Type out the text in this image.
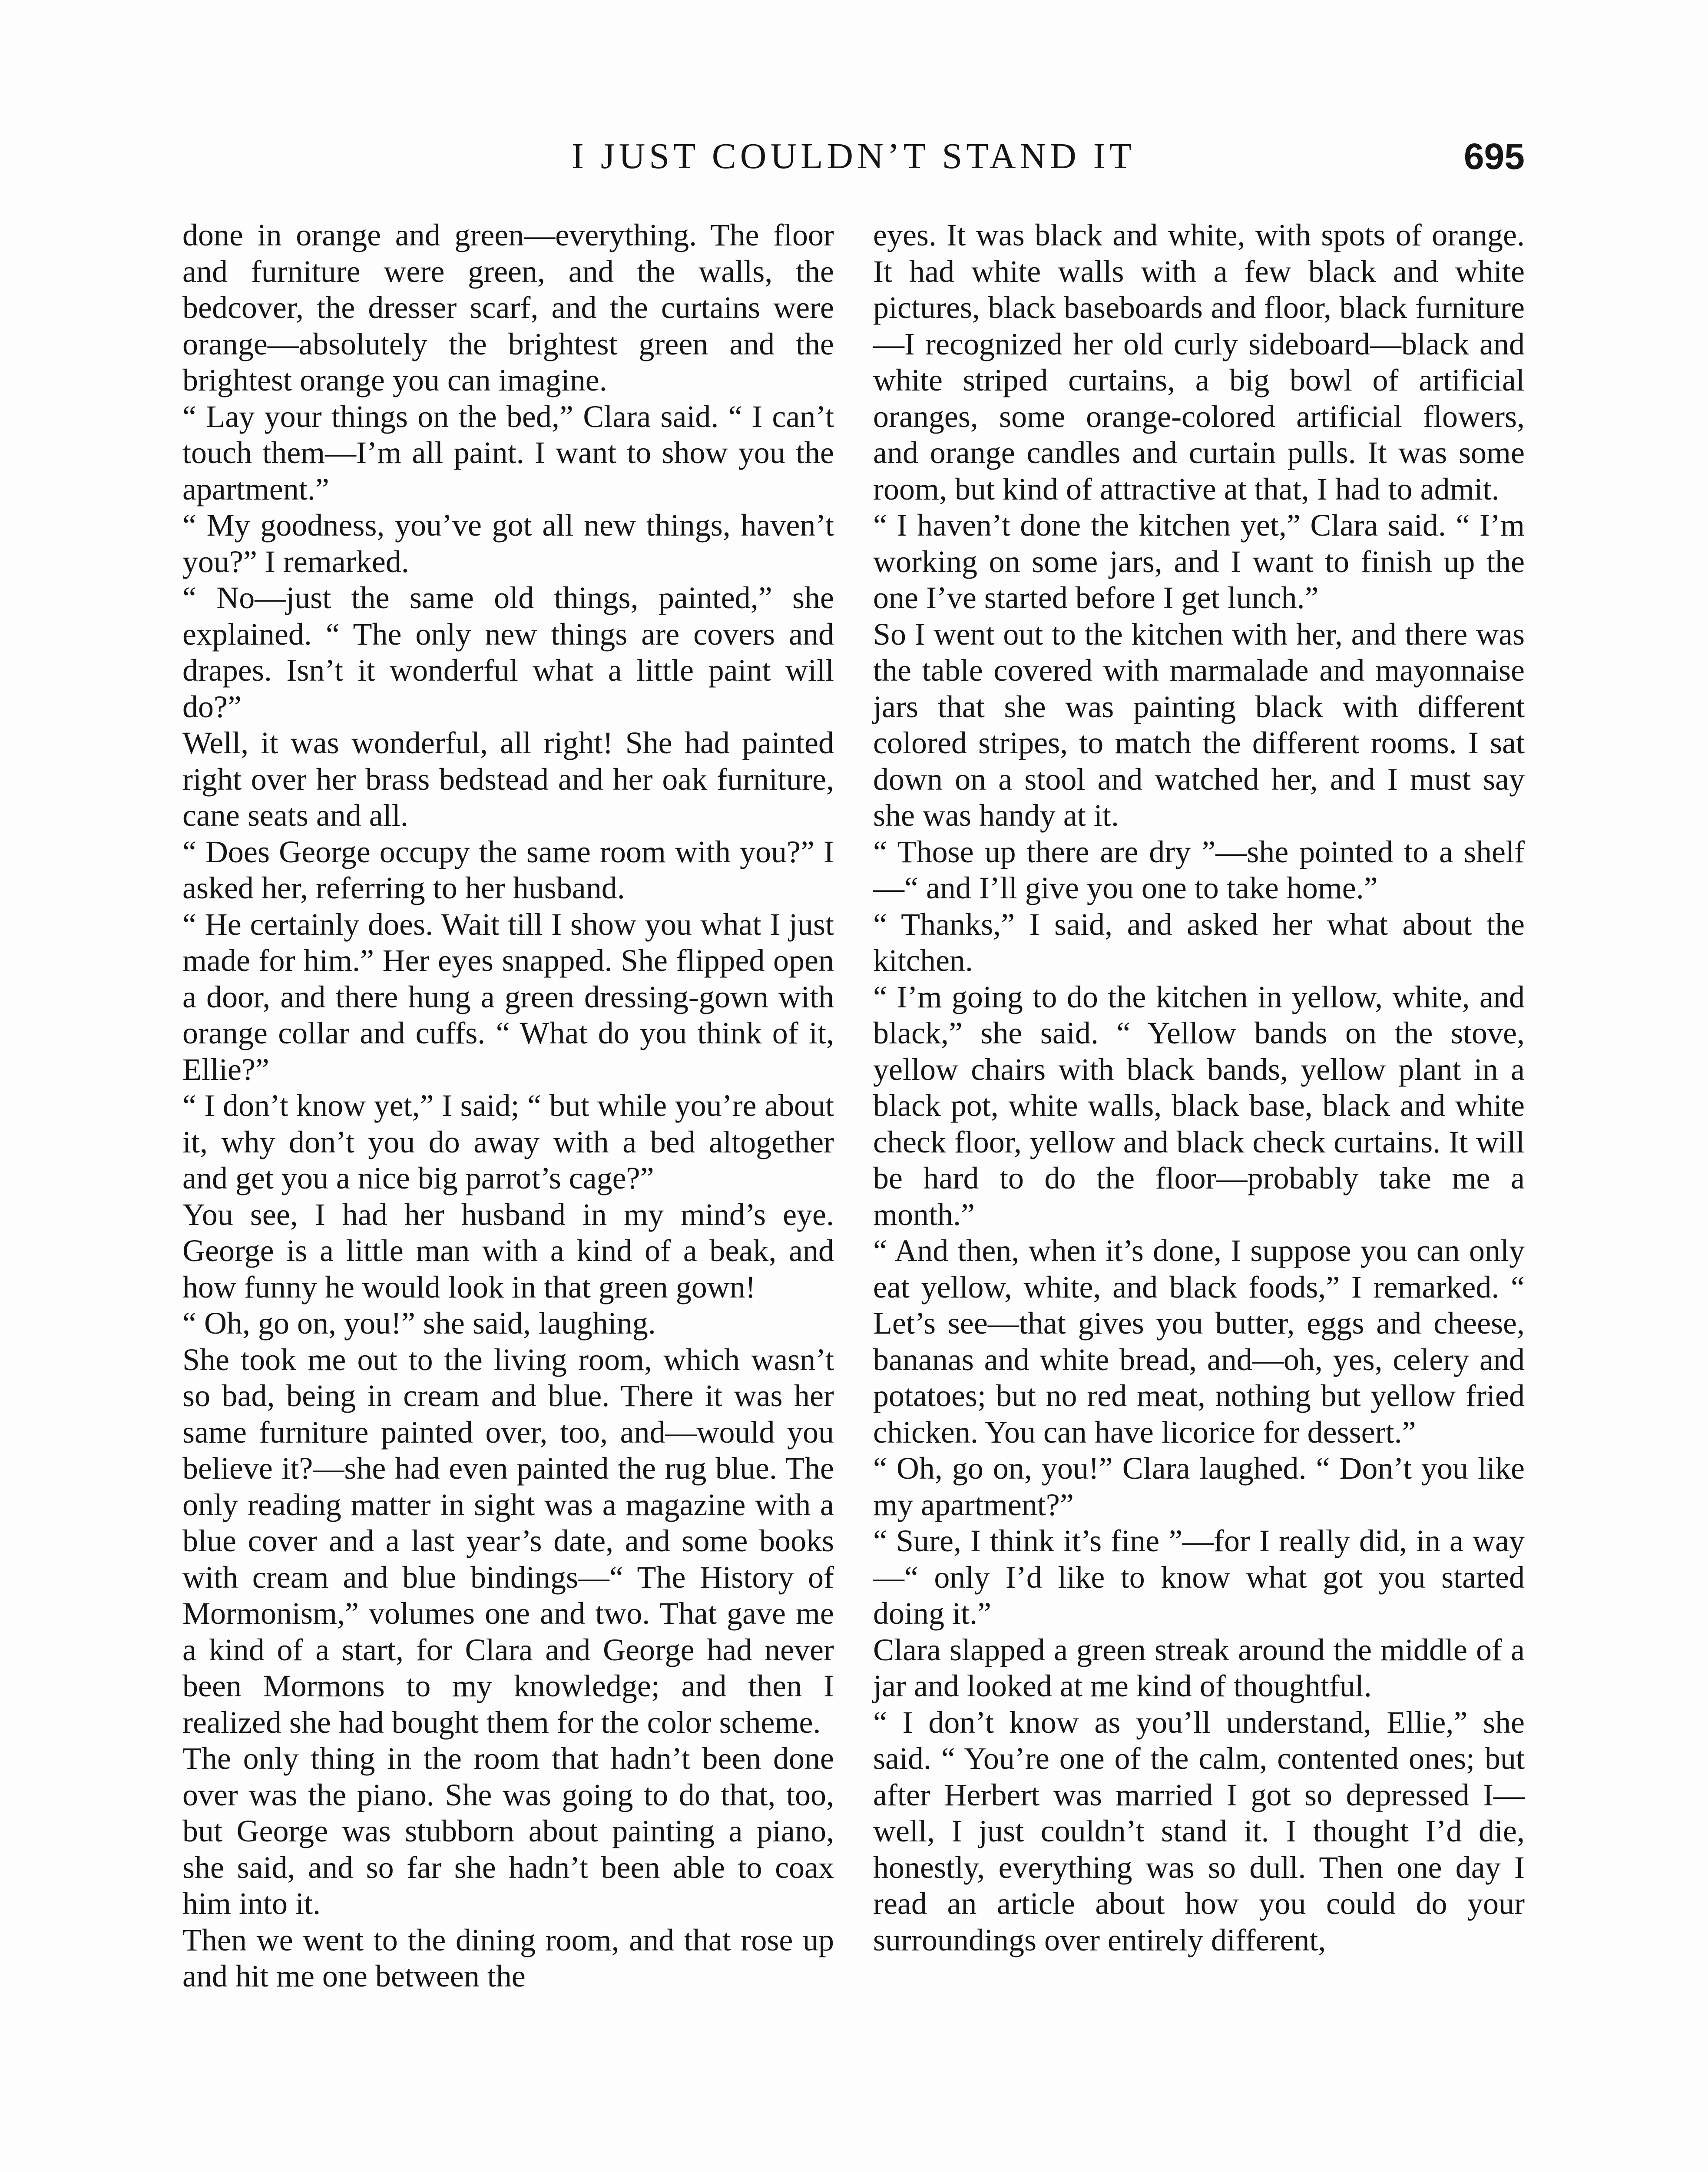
I JUST COULDN’T STAND IT	695

done in orange and green—everything. The floor and furniture were green, and the walls, the bedcover, the dresser scarf, and the curtains were orange—absolutely the brightest green and the brightest orange you can imagine.

“ Lay your things on the bed,” Clara said. “ I can’t touch them—I’m all paint. I want to show you the apartment.”

“ My goodness, you’ve got all new things, haven’t you?” I remarked.

“ No—just the same old things, painted,” she explained. “ The only new things are covers and drapes. Isn’t it wonderful what a little paint will do?”

Well, it was wonderful, all right! She had painted right over her brass bedstead and her oak furniture, cane seats and all.

“ Does George occupy the same room with you?” I asked her, referring to her husband.

“ He certainly does. Wait till I show you what I just made for him.” Her eyes snapped. She flipped open a door, and there hung a green dressing-gown with orange collar and cuffs. “ What do you think of it, Ellie?”

“ I don’t know yet,” I said; “ but while you’re about it, why don’t you do away with a bed altogether and get you a nice big parrot’s cage?”

You see, I had her husband in my mind’s eye. George is a little man with a kind of a beak, and how funny he would look in that green gown!

“ Oh, go on, you!” she said, laughing.

She took me out to the living room, which wasn’t so bad, being in cream and blue. There it was her same furniture painted over, too, and—would you believe it?—she had even painted the rug blue. The only reading matter in sight was a magazine with a blue cover and a last year’s date, and some books with cream and blue bindings—“ The History of Mormonism,” volumes one and two. That gave me a kind of a start, for Clara and George had never been Mormons to my knowledge; and then I realized she had bought them for the color scheme.

The only thing in the room that hadn’t been done over was the piano. She was going to do that, too, but George was stubborn about painting a piano, she said, and so far she hadn’t been able to coax him into it.

Then we went to the dining room, and that rose up and hit me one between the

eyes. It was black and white, with spots of orange. It had white walls with a few black and white pictures, black baseboards and floor, black furniture—I recognized her old curly sideboard—black and white striped curtains, a big bowl of artificial oranges, some orange-colored artificial flowers, and orange candles and curtain pulls. It was some room, but kind of attractive at that, I had to admit.

“ I haven’t done the kitchen yet,” Clara said. “ I’m working on some jars, and I want to finish up the one I’ve started before I get lunch.”

So I went out to the kitchen with her, and there was the table covered with marmalade and mayonnaise jars that she was painting black with different colored stripes, to match the different rooms. I sat down on a stool and watched her, and I must say she was handy at it.

“ Those up there are dry ”—she pointed to a shelf—“ and I’ll give you one to take home.”

“ Thanks,” I said, and asked her what about the kitchen.

“ I’m going to do the kitchen in yellow, white, and black,” she said. “ Yellow bands on the stove, yellow chairs with black bands, yellow plant in a black pot, white walls, black base, black and white check floor, yellow and black check curtains. It will be hard to do the floor—probably take me a month.”

“ And then, when it’s done, I suppose you can only eat yellow, white, and black foods,” I remarked. “ Let’s see—that gives you butter, eggs and cheese, bananas and white bread, and—oh, yes, celery and potatoes; but no red meat, nothing but yellow fried chicken. You can have licorice for dessert.”

“ Oh, go on, you!” Clara laughed. “ Don’t you like my apartment?”

“ Sure, I think it’s fine ”—for I really did, in a way—“ only I’d like to know what got you started doing it.”

Clara slapped a green streak around the middle of a jar and looked at me kind of thoughtful.

“ I don’t know as you’ll understand, Ellie,” she said. “ You’re one of the calm, contented ones; but after Herbert was married I got so depressed I—well, I just couldn’t stand it. I thought I’d die, honestly, everything was so dull. Then one day I read an article about how you could do your surroundings over entirely different,
